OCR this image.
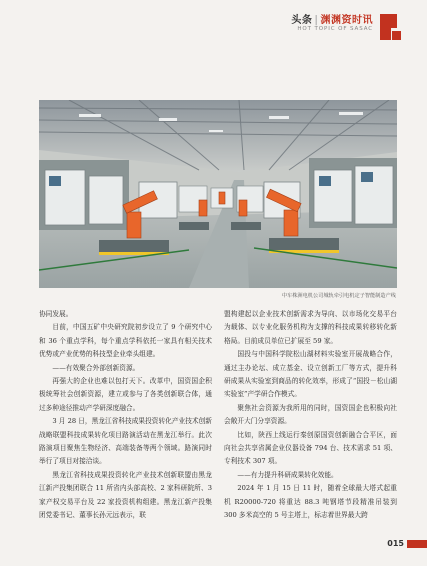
头条 | 渊渊资时讯
HOT TOPIC OF SASAC
中车株洲电机公司城轨牵引电机定子智能制造产线

协同发展。

目前，中国五矿中央研究院初步设立了 9 个研究中心和 36 个重点学科，每个重点学科依托一家具有相关技术优势或产业优势的科技型企业牵头组建。

——有效聚合外部创新资源。

再强大的企业也难以包打天下。改革中，国资国企积极统筹社会创新资源，建立或参与了各类创新联合体，通过多种途径推动产学研深度融合。

3 月 28 日，黑龙江省科技成果投资转化产业技术创新战略联盟科技成果转化项目路演活动在黑龙江举行。此次路演项目聚焦生物经济、高端装备等两个领域。路演同时举行了项目对接洽谈。

黑龙江省科技成果投资转化产业技术创新联盟由黑龙江新产投集团联合 11 所省内头部高校、2 家科研院所、3 家产权交易平台及 22 家投资机构组建。黑龙江新产投集团党委书记、董事长孙元远表示，联

盟构建起以企业技术创新需求为导向、以市场化交易平台为载体、以专业化服务机构为支撑的科技成果转移转化新格局。目前成员单位已扩展至 59 家。

国投与中国科学院松山湖材料实验室开展战略合作，通过主办论坛、成立基金、设立创新工厂等方式，提升科研成果从实验室到商品的转化效率，形成了“国投－松山湖实验室”产学研合作模式。

聚焦社会资源为我所用的同时，国资国企也积极向社会敞开大门分享资源。

比如，陕西上线运行秦创原国资创新融合合平区，面向社会共享省属企业仪器设备 794 台、技术需求 51 项、专利技术 307 项。

——有力提升科研成果转化效能。

2024 年 1 月 15 日 11 时，随着全球最大塔式起重机 R20000-720 将重达 88.3 吨钢塔节段精准吊装到 300 多米高空的 5 号主塔上，标志着世界最大跨

015
